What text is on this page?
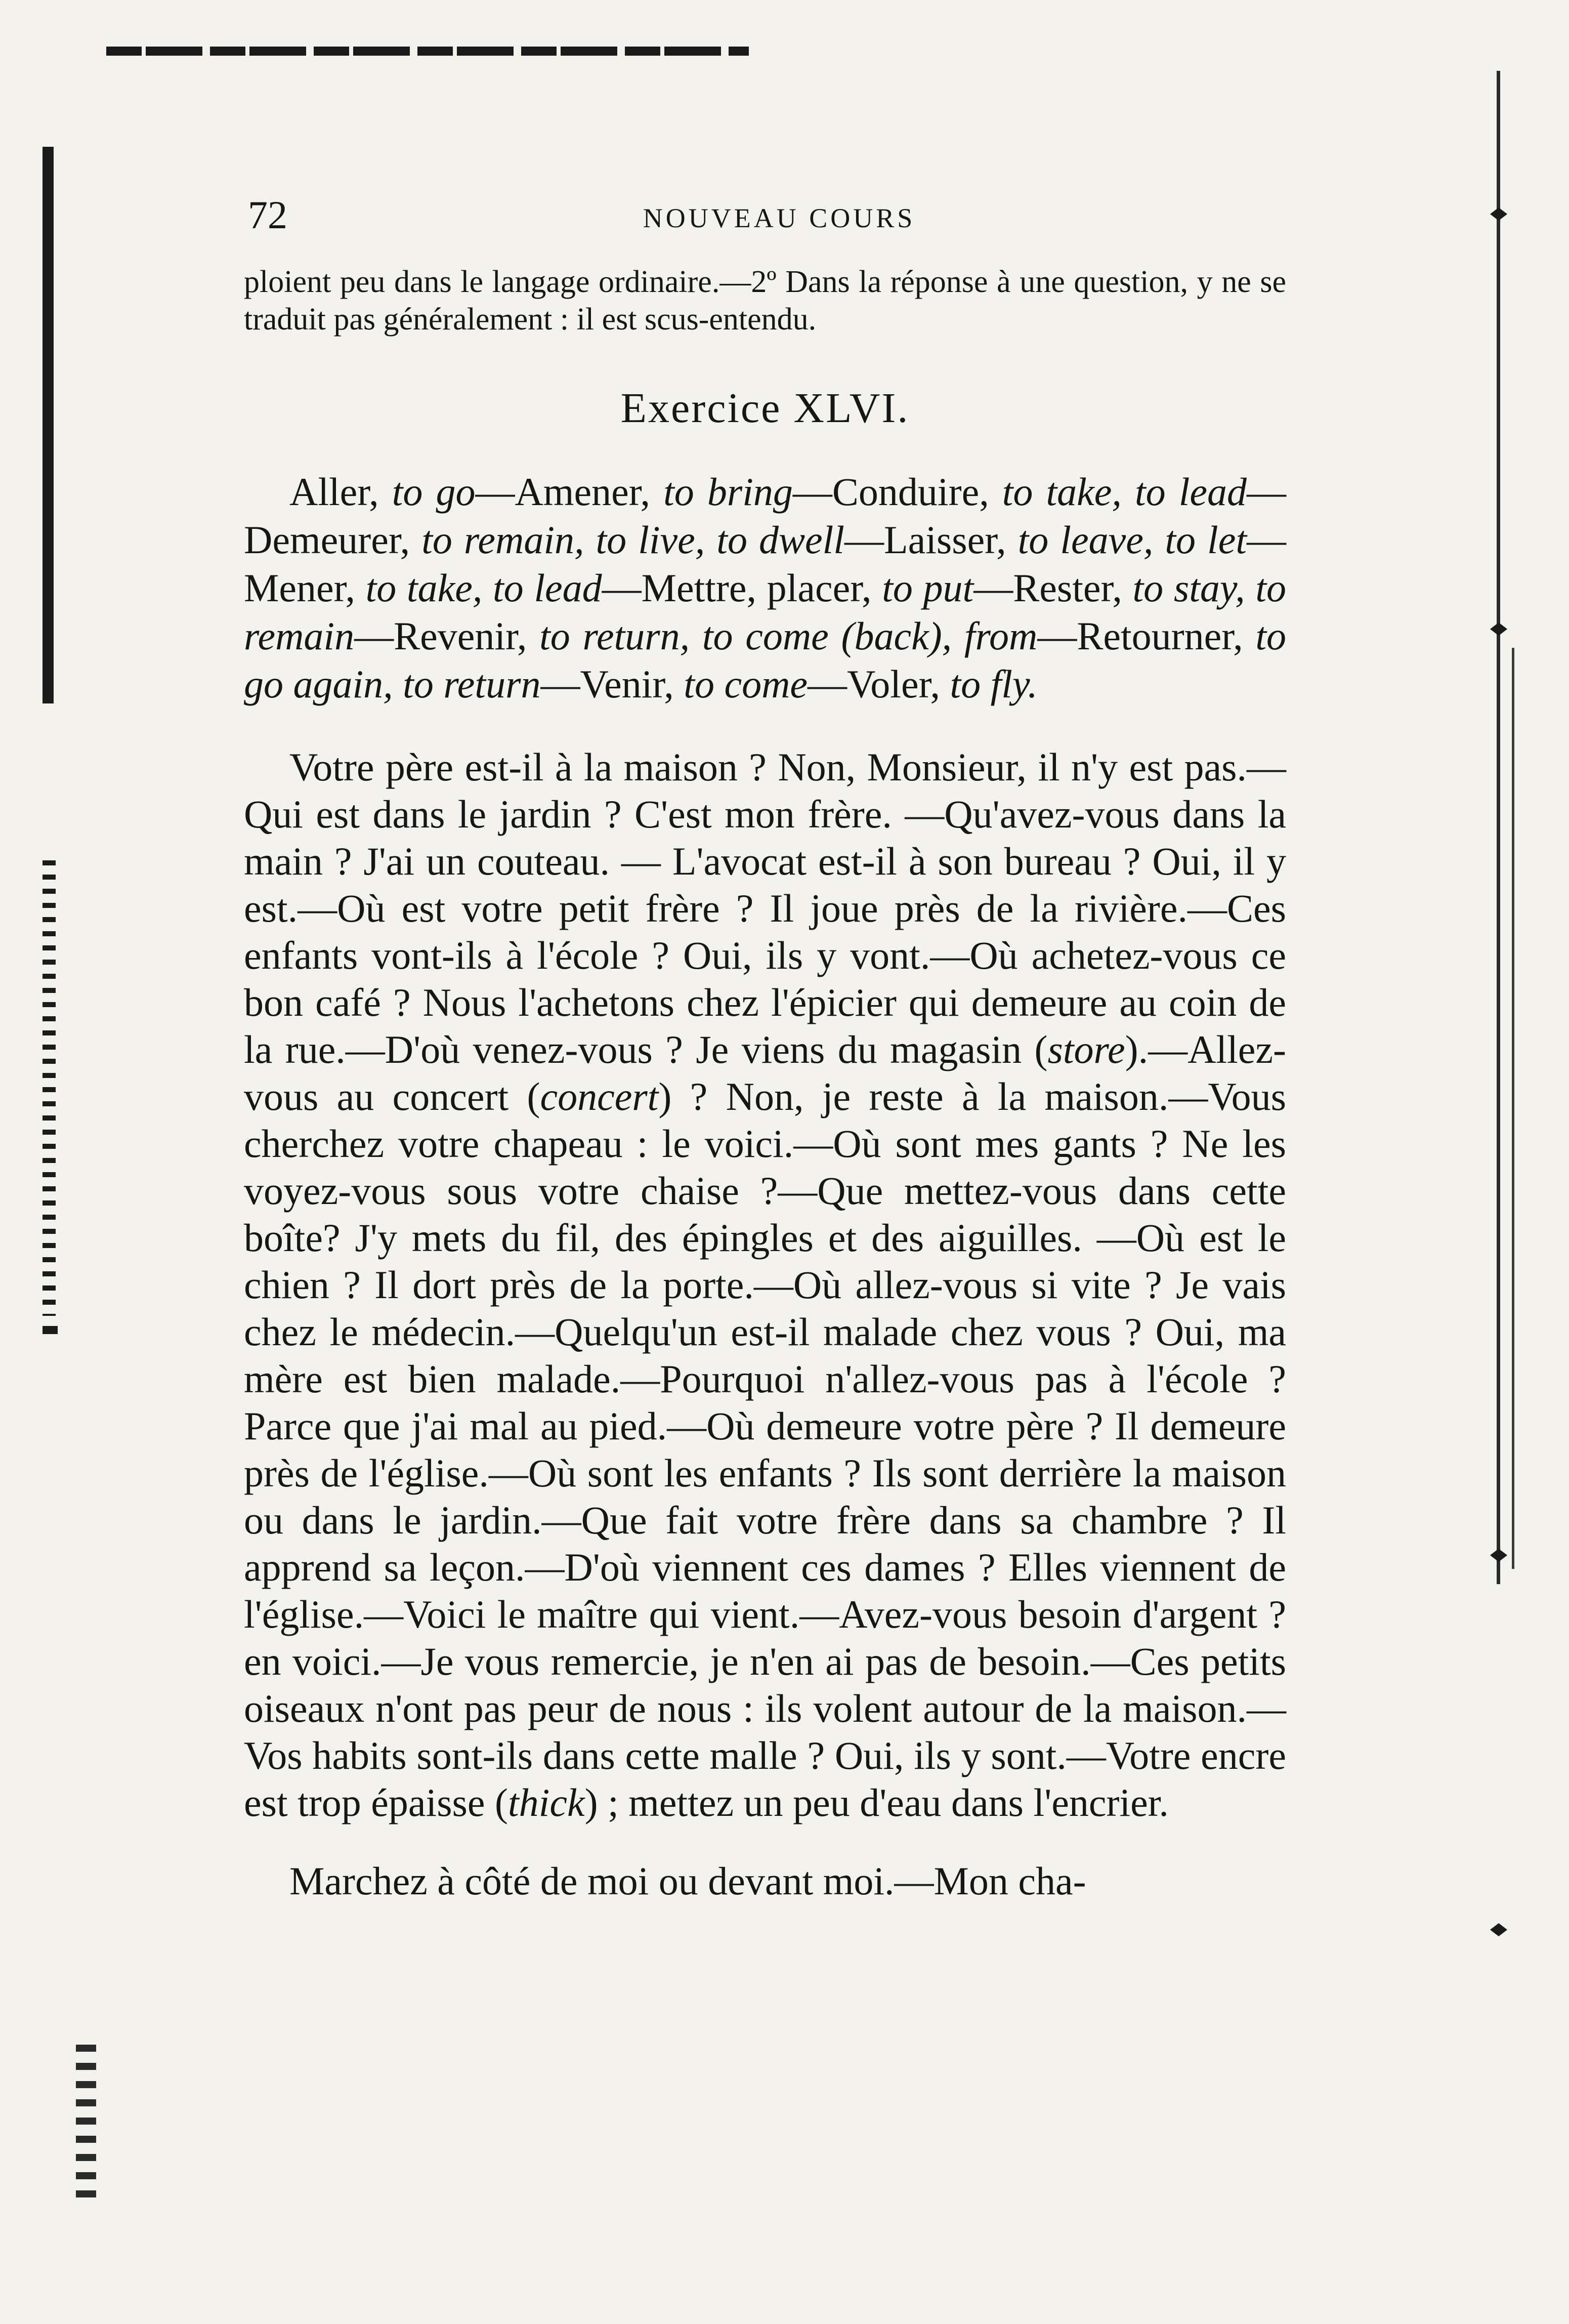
72	NOUVEAU COURS

ploient peu dans le langage ordinaire.—2º Dans la réponse à une question, y ne se traduit pas généralement : il est scus-entendu.

Exercice XLVI.

Aller, to go—Amener, to bring—Conduire, to take, to lead—Demeurer, to remain, to live, to dwell—Laisser, to leave, to let—Mener, to take, to lead—Mettre, placer, to put—Rester, to stay, to remain—Revenir, to return, to come (back), from—Retourner, to go again, to return—Venir, to come—Voler, to fly.

Votre père est-il à la maison ? Non, Monsieur, il n'y est pas.—Qui est dans le jardin ? C'est mon frère. —Qu'avez-vous dans la main ? J'ai un couteau. — L'avocat est-il à son bureau ? Oui, il y est.—Où est votre petit frère ? Il joue près de la rivière.—Ces enfants vont-ils à l'école ? Oui, ils y vont.—Où achetez-vous ce bon café ? Nous l'achetons chez l'épicier qui demeure au coin de la rue.—D'où venez-vous ? Je viens du magasin (store).—Allez-vous au concert (concert) ? Non, je reste à la maison.—Vous cherchez votre chapeau : le voici.—Où sont mes gants ? Ne les voyez-vous sous votre chaise ?—Que mettez-vous dans cette boîte? J'y mets du fil, des épingles et des aiguilles. —Où est le chien ? Il dort près de la porte.—Où allez-vous si vite ? Je vais chez le médecin.—Quelqu'un est-il malade chez vous ? Oui, ma mère est bien malade.—Pourquoi n'allez-vous pas à l'école ? Parce que j'ai mal au pied.—Où demeure votre père ? Il demeure près de l'église.—Où sont les enfants ? Ils sont derrière la maison ou dans le jardin.—Que fait votre frère dans sa chambre ? Il apprend sa leçon.—D'où viennent ces dames ? Elles viennent de l'église.—Voici le maître qui vient.—Avez-vous besoin d'argent ? en voici.—Je vous remercie, je n'en ai pas de besoin.—Ces petits oiseaux n'ont pas peur de nous : ils volent autour de la maison.—Vos habits sont-ils dans cette malle ? Oui, ils y sont.—Votre encre est trop épaisse (thick) ; mettez un peu d'eau dans l'encrier.

Marchez à côté de moi ou devant moi.—Mon cha-
